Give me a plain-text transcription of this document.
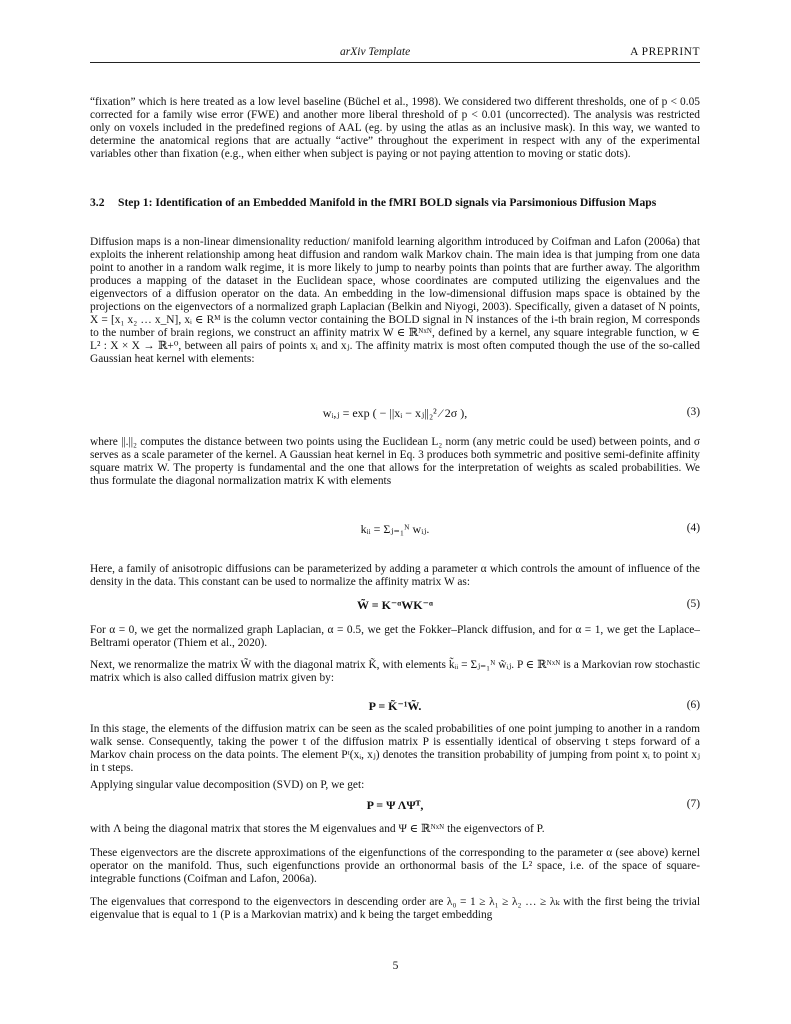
arXiv Template	A PREPRINT

“fixation” which is here treated as a low level baseline (Büchel et al., 1998). We considered two different thresholds, one of p < 0.05 corrected for a family wise error (FWE) and another more liberal threshold of p < 0.01 (uncorrected). The analysis was restricted only on voxels included in the predefined regions of AAL (eg. by using the atlas as an inclusive mask). In this way, we wanted to determine the anatomical regions that are actually “active” throughout the experiment in respect with any of the experimental variables other than fixation (e.g., when either when subject is paying or not paying attention to moving or static dots).

3.2	Step 1: Identification of an Embedded Manifold in the fMRI BOLD signals via Parsimonious Diffusion Maps

Diffusion maps is a non-linear dimensionality reduction/ manifold learning algorithm introduced by Coifman and Lafon (2006a) that exploits the inherent relationship among heat diffusion and random walk Markov chain. The main idea is that jumping from one data point to another in a random walk regime, it is more likely to jump to nearby points than points that are further away. The algorithm produces a mapping of the dataset in the Euclidean space, whose coordinates are computed utilizing the eigenvalues and the eigenvectors of a diffusion operator on the data. An embedding in the low-dimensional diffusion maps space is obtained by the projections on the eigenvectors of a normalized graph Laplacian (Belkin and Niyogi, 2003). Specifically, given a dataset of N points, X = [x₁ x₂ … x_N], xᵢ ∈ Rᴹ is the column vector containing the BOLD signal in N instances of the i-th brain region, M corresponds to the number of brain regions, we construct an affinity matrix W ∈ ℝᴺˣᴺ, defined by a kernel, any square integrable function, w ∈ L² : X × X → ℝ+⁰, between all pairs of points xᵢ and xⱼ. The affinity matrix is most often computed though the use of the so-called Gaussian heat kernel with elements:

wᵢ,ⱼ = exp ( − ||xᵢ − xⱼ||₂² ⁄ 2σ ),	(3)

where ||.||₂ computes the distance between two points using the Euclidean L₂ norm (any metric could be used) between points, and σ serves as a scale parameter of the kernel. A Gaussian heat kernel in Eq. 3 produces both symmetric and positive semi-definite affinity square matrix W. The property is fundamental and the one that allows for the interpretation of weights as scaled probabilities. We thus formulate the diagonal normalization matrix K with elements

kᵢᵢ = Σⱼ₌₁ᴺ wᵢⱼ.	(4)

Here, a family of anisotropic diffusions can be parameterized by adding a parameter α which controls the amount of influence of the density in the data. This constant can be used to normalize the affinity matrix W as:

W̃ = K⁻ᵅWK⁻ᵅ	(5)

For α = 0, we get the normalized graph Laplacian, α = 0.5, we get the Fokker–Planck diffusion, and for α = 1, we get the Laplace–Beltrami operator (Thiem et al., 2020).

Next, we renormalize the matrix W̃ with the diagonal matrix K̃, with elements k̃ᵢᵢ = Σⱼ₌₁ᴺ w̃ᵢⱼ. P ∈ ℝᴺˣᴺ is a Markovian row stochastic matrix which is also called diffusion matrix given by:

P = K̃⁻¹W̃.	(6)

In this stage, the elements of the diffusion matrix can be seen as the scaled probabilities of one point jumping to another in a random walk sense. Consequently, taking the power t of the diffusion matrix P is essentially identical of observing t steps forward of a Markov chain process on the data points. The element Pᵗ(xᵢ, xⱼ) denotes the transition probability of jumping from point xᵢ to point xⱼ in t steps.

Applying singular value decomposition (SVD) on P, we get:

P = Ψ ΛΨᵀ,	(7)

with Λ being the diagonal matrix that stores the M eigenvalues and Ψ ∈ ℝᴺˣᴺ the eigenvectors of P.

These eigenvectors are the discrete approximations of the eigenfunctions of the corresponding to the parameter α (see above) kernel operator on the manifold. Thus, such eigenfunctions provide an orthonormal basis of the L² space, i.e. of the space of square-integrable functions (Coifman and Lafon, 2006a).

The eigenvalues that correspond to the eigenvectors in descending order are λ₀ = 1 ≥ λ₁ ≥ λ₂ … ≥ λₖ with the first being the trivial eigenvalue that is equal to 1 (P is a Markovian matrix) and k being the target embedding

5
